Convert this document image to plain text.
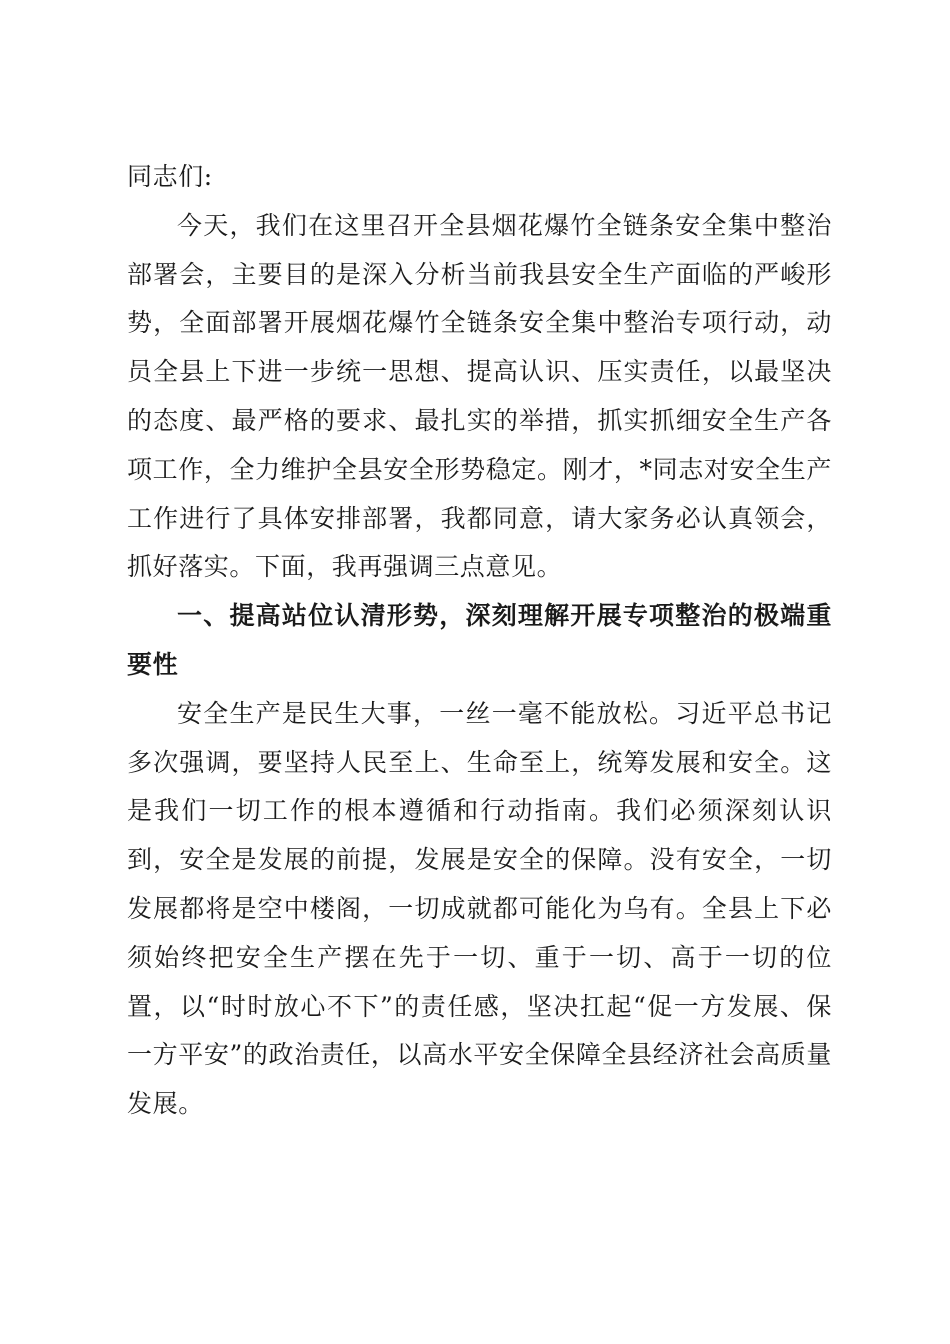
同志们:

今天，我们在这里召开全县烟花爆竹全链条安全集中整治部署会，主要目的是深入分析当前我县安全生产面临的严峻形势，全面部署开展烟花爆竹全链条安全集中整治专项行动，动员全县上下进一步统一思想、提高认识、压实责任，以最坚决的态度、最严格的要求、最扎实的举措，抓实抓细安全生产各项工作，全力维护全县安全形势稳定。刚才，*同志对安全生产工作进行了具体安排部署，我都同意，请大家务必认真领会，抓好落实。下面，我再强调三点意见。

一、提高站位认清形势，深刻理解开展专项整治的极端重要性

安全生产是民生大事，一丝一毫不能放松。习近平总书记多次强调，要坚持人民至上、生命至上，统筹发展和安全。这是我们一切工作的根本遵循和行动指南。我们必须深刻认识到，安全是发展的前提，发展是安全的保障。没有安全，一切发展都将是空中楼阁，一切成就都可能化为乌有。全县上下必须始终把安全生产摆在先于一切、重于一切、高于一切的位置，以“时时放心不下”的责任感，坚决扛起“促一方发展、保一方平安”的政治责任，以高水平安全保障全县经济社会高质量发展。
